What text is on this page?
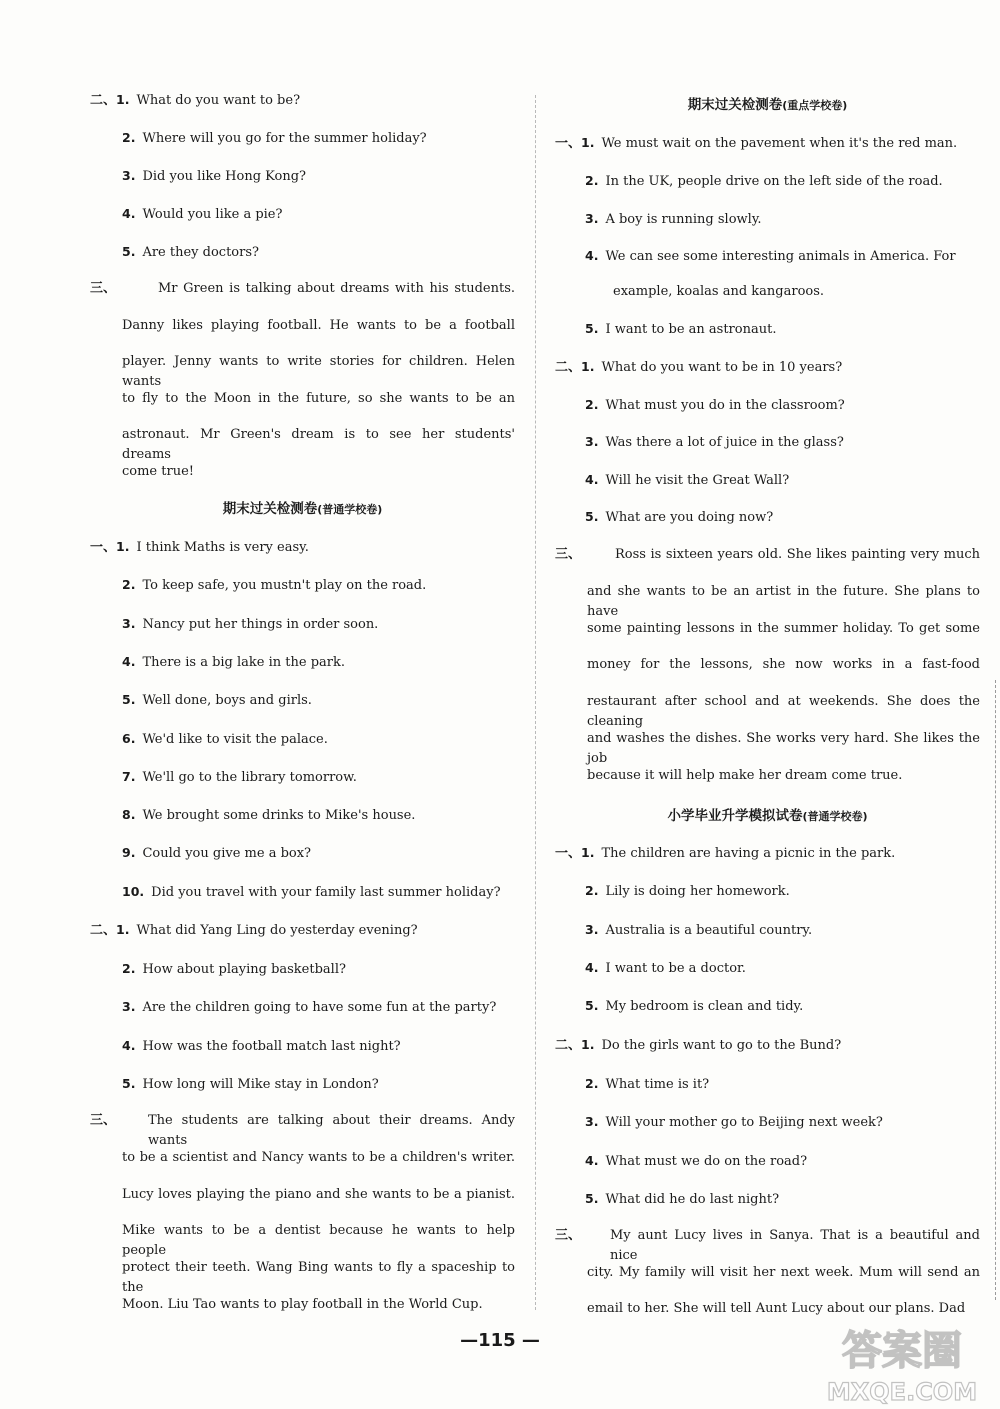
二、1. What do you want to be?
2. Where will you go for the summer holiday?
3. Did you like Hong Kong?
4. Would you like a pie?
5. Are they doctors?
三、	Mr Green is talking about dreams with his students.
Danny likes playing football. He wants to be a football
player. Jenny wants to write stories for children. Helen wants
to fly to the Moon in the future, so she wants to be an
astronaut. Mr Green's dream is to see her students' dreams
come true!
期末过关检测卷(普通学校卷)
一、1. I think Maths is very easy.
2. To keep safe, you mustn't play on the road.
3. Nancy put her things in order soon.
4. There is a big lake in the park.
5. Well done, boys and girls.
6. We'd like to visit the palace.
7. We'll go to the library tomorrow.
8. We brought some drinks to Mike's house.
9. Could you give me a box?
10. Did you travel with your family last summer holiday?
二、1. What did Yang Ling do yesterday evening?
2. How about playing basketball?
3. Are the children going to have some fun at the party?
4. How was the football match last night?
5. How long will Mike stay in London?
三、 The students are talking about their dreams. Andy wants
to be a scientist and Nancy wants to be a children's writer.
Lucy loves playing the piano and she wants to be a pianist.
Mike wants to be a dentist because he wants to help people
protect their teeth. Wang Bing wants to fly a spaceship to the
Moon. Liu Tao wants to play football in the World Cup.
期末过关检测卷(重点学校卷)
一、1. We must wait on the pavement when it's the red man.
2. In the UK, people drive on the left side of the road.
3. A boy is running slowly.
4. We can see some interesting animals in America. For
example, koalas and kangaroos.
5. I want to be an astronaut.
二、1. What do you want to be in 10 years?
2. What must you do in the classroom?
3. Was there a lot of juice in the glass?
4. Will he visit the Great Wall?
5. What are you doing now?
三、	Ross is sixteen years old. She likes painting very much
and she wants to be an artist in the future. She plans to have
some painting lessons in the summer holiday. To get some
money for the lessons, she now works in a fast-food
restaurant after school and at weekends. She does the cleaning
and washes the dishes. She works very hard. She likes the job
because it will help make her dream come true.
小学毕业升学模拟试卷(普通学校卷)
一、1. The children are having a picnic in the park.
2. Lily is doing her homework.
3. Australia is a beautiful country.
4. I want to be a doctor.
5. My bedroom is clean and tidy.
二、1. Do the girls want to go to the Bund?
2. What time is it?
3. Will your mother go to Beijing next week?
4. What must we do on the road?
5. What did he do last night?
三、 My aunt Lucy lives in Sanya. That is a beautiful and nice
city. My family will visit her next week. Mum will send an
email to her. She will tell Aunt Lucy about our plans. Dad
—115 —	答案圈
MXQE.COM
